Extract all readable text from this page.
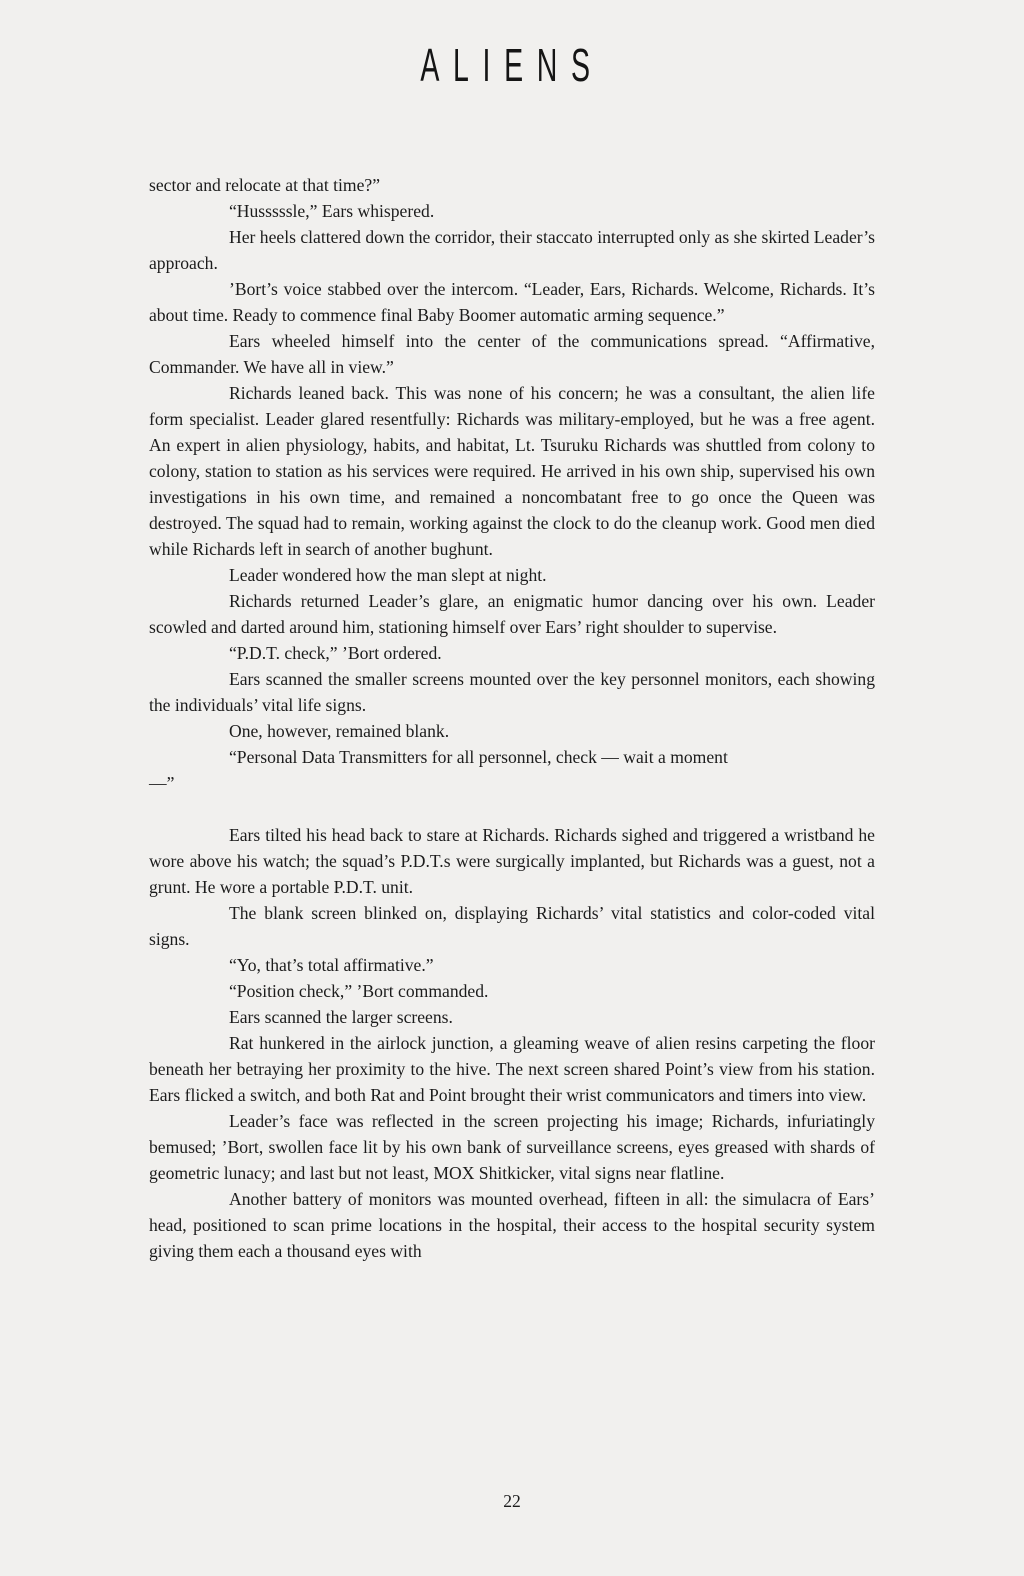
ALIENS

sector and relocate at that time?”

“Husssssle,” Ears whispered.

Her heels clattered down the corridor, their staccato interrupted only as she skirted Leader’s approach.

’Bort’s voice stabbed over the intercom. “Leader, Ears, Richards. Welcome, Richards. It’s about time. Ready to commence final Baby Boomer automatic arming sequence.”

Ears wheeled himself into the center of the communications spread. “Affirmative, Commander. We have all in view.”

Richards leaned back. This was none of his concern; he was a consultant, the alien life form specialist. Leader glared resentfully: Richards was military-employed, but he was a free agent. An expert in alien physiology, habits, and habitat, Lt. Tsuruku Richards was shuttled from colony to colony, station to station as his services were required. He arrived in his own ship, supervised his own investigations in his own time, and remained a noncombatant free to go once the Queen was destroyed. The squad had to remain, working against the clock to do the cleanup work. Good men died while Richards left in search of another bughunt.

Leader wondered how the man slept at night.

Richards returned Leader’s glare, an enigmatic humor dancing over his own. Leader scowled and darted around him, stationing himself over Ears’ right shoulder to supervise.

“P.D.T. check,” ’Bort ordered.

Ears scanned the smaller screens mounted over the key personnel monitors, each showing the individuals’ vital life signs.

One, however, remained blank.

“Personal Data Transmitters for all personnel, check — wait a moment

—”

Ears tilted his head back to stare at Richards. Richards sighed and triggered a wristband he wore above his watch; the squad’s P.D.T.s were surgically implanted, but Richards was a guest, not a grunt. He wore a portable P.D.T. unit.

The blank screen blinked on, displaying Richards’ vital statistics and color-coded vital signs.

“Yo, that’s total affirmative.”

“Position check,” ’Bort commanded.

Ears scanned the larger screens.

Rat hunkered in the airlock junction, a gleaming weave of alien resins carpeting the floor beneath her betraying her proximity to the hive. The next screen shared Point’s view from his station. Ears flicked a switch, and both Rat and Point brought their wrist communicators and timers into view.

Leader’s face was reflected in the screen projecting his image; Richards, infuriatingly bemused; ’Bort, swollen face lit by his own bank of surveillance screens, eyes greased with shards of geometric lunacy; and last but not least, MOX Shitkicker, vital signs near flatline.

Another battery of monitors was mounted overhead, fifteen in all: the simulacra of Ears’ head, positioned to scan prime locations in the hospital, their access to the hospital security system giving them each a thousand eyes with

22
